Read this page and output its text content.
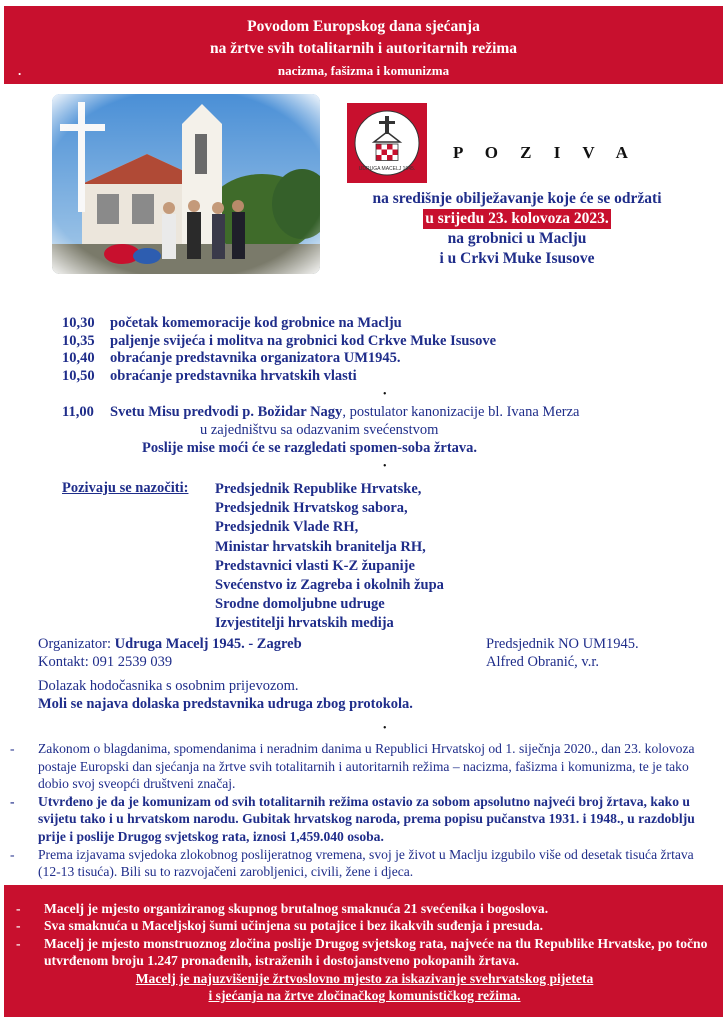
Povodom Europskog dana sjećanja
na žrtve svih totalitarnih i autoritarnih režima
nacizma, fašizma i komunizma
.
UDRUGA MACELJ 1945.
P O Z I V A
na središnje obilježavanje koje će se održati
u srijedu 23. kolovoza 2023.
na grobnici u Maclju
i u Crkvi Muke Isusove
10,30 početak komemoracije kod grobnice na Maclju
10,35 paljenje svijeća i molitva na grobnici kod Crkve Muke Isusove
10,40 obraćanje predstavnika organizatora UM1945.
10,50 obraćanje predstavnika hrvatskih vlasti
•
11,00 Svetu Misu predvodi p. Božidar Nagy, postulator kanonizacije bl. Ivana Merza
u zajedništvu sa odazvanim svećenstvom
Poslije mise moći će se razgledati spomen-soba žrtava.
•
Pozivaju se nazočiti: Predsjednik Republike Hrvatske,
Predsjednik Hrvatskog sabora,
Predsjednik Vlade RH,
Ministar hrvatskih branitelja RH,
Predstavnici vlasti K-Z županije
Svećenstvo iz Zagreba i okolnih župa
Srodne domoljubne udruge
Izvjestitelji hrvatskih medija
Organizator: Udruga Macelj 1945. - Zagreb
Kontakt: 091 2539 039
Predsjednik NO UM1945.
Alfred Obranić, v.r.
Dolazak hodočasnika s osobnim prijevozom.
Moli se najava dolaska predstavnika udruga zbog protokola.
•
- Zakonom o blagdanima, spomendanima i neradnim danima u Republici Hrvatskoj od 1. siječnja 2020., dan 23. kolovoza postaje Europski dan sjećanja na žrtve svih totalitarnih i autoritarnih režima – nacizma, fašizma i komunizma, te je tako dobio svoj sveopći društveni značaj.
- Utvrđeno je da je komunizam od svih totalitarnih režima ostavio za sobom apsolutno najveći broj žrtava, kako u svijetu tako i u hrvatskom narodu. Gubitak hrvatskog naroda, prema popisu pučanstva 1931. i 1948., u razdoblju prije i poslije Drugog svjetskog rata, iznosi 1,459.040 osoba.
- Prema izjavama svjedoka zlokobnog poslijeratnog vremena, svoj je život u Maclju izgubilo više od desetak tisuća žrtava (12-13 tisuća). Bili su to razvojačeni zarobljenici, civili, žene i djeca.
- Macelj je mjesto organiziranog skupnog brutalnog smaknuća 21 svećenika i bogoslova.
- Sva smaknuća u Maceljskoj šumi učinjena su potajice i bez ikakvih suđenja i presuda.
- Macelj je mjesto monstruoznog zločina poslije Drugog svjetskog rata, najveće na tlu Republike Hrvatske, po točno utvrđenom broju 1.247 pronađenih, istraženih i dostojanstveno pokopanih žrtava.
Macelj je najuzvišenije žrtvoslovno mjesto za iskazivanje svehrvatskog pijeteta
i sjećanja na žrtve zločinačkog komunističkog režima.
